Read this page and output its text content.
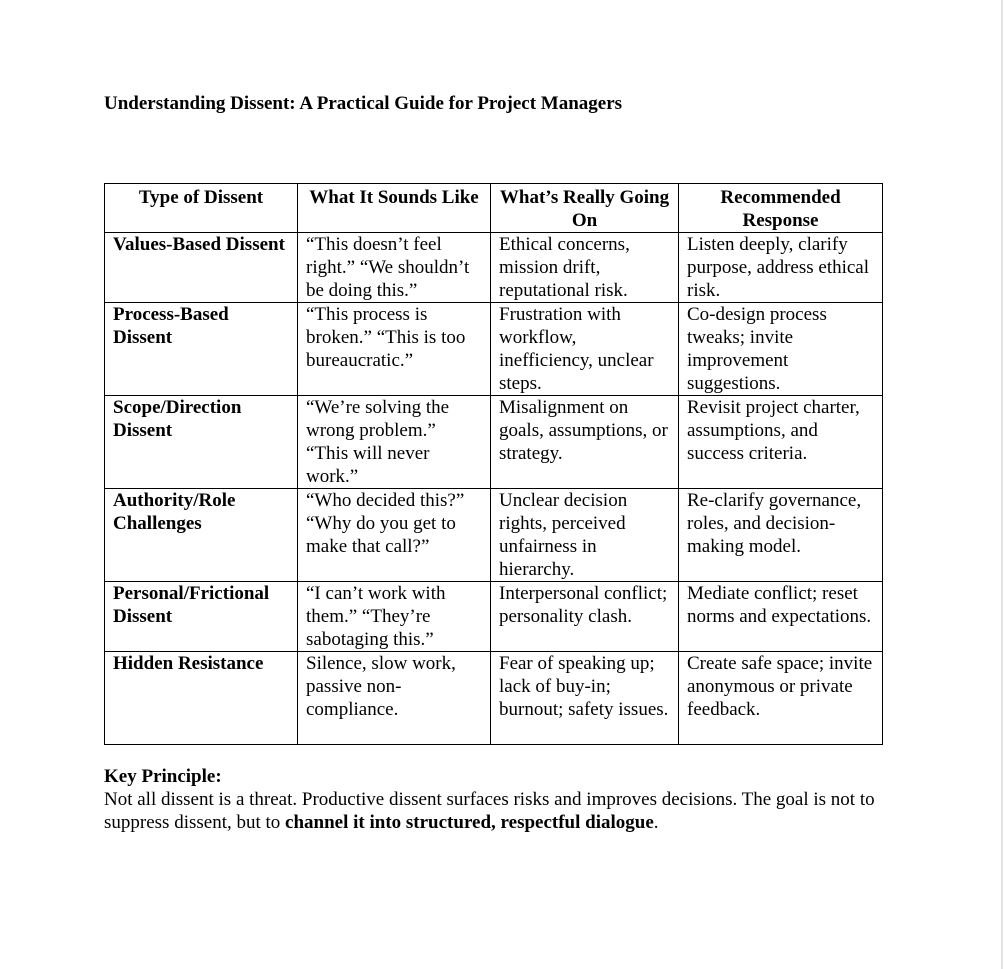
Understanding Dissent: A Practical Guide for Project Managers
Type of Dissent	What It Sounds Like	What’s Really Going On	Recommended Response
Values-Based Dissent	“This doesn’t feel right.” “We shouldn’t be doing this.”	Ethical concerns, mission drift, reputational risk.	Listen deeply, clarify purpose, address ethical risk.
Process-Based Dissent	“This process is broken.” “This is too bureaucratic.”	Frustration with workflow, inefficiency, unclear steps.	Co-design process tweaks; invite improvement suggestions.
Scope/Direction Dissent	“We’re solving the wrong problem.” “This will never work.”	Misalignment on goals, assumptions, or strategy.	Revisit project charter, assumptions, and success criteria.
Authority/Role Challenges	“Who decided this?” “Why do you get to make that call?”	Unclear decision rights, perceived unfairness in hierarchy.	Re-clarify governance, roles, and decision-making model.
Personal/Frictional Dissent	“I can’t work with them.” “They’re sabotaging this.”	Interpersonal conflict; personality clash.	Mediate conflict; reset norms and expectations.
Hidden Resistance	Silence, slow work, passive non-compliance.	Fear of speaking up; lack of buy-in; burnout; safety issues.	Create safe space; invite anonymous or private feedback.
Key Principle:
Not all dissent is a threat. Productive dissent surfaces risks and improves decisions. The goal is not to suppress dissent, but to channel it into structured, respectful dialogue.
